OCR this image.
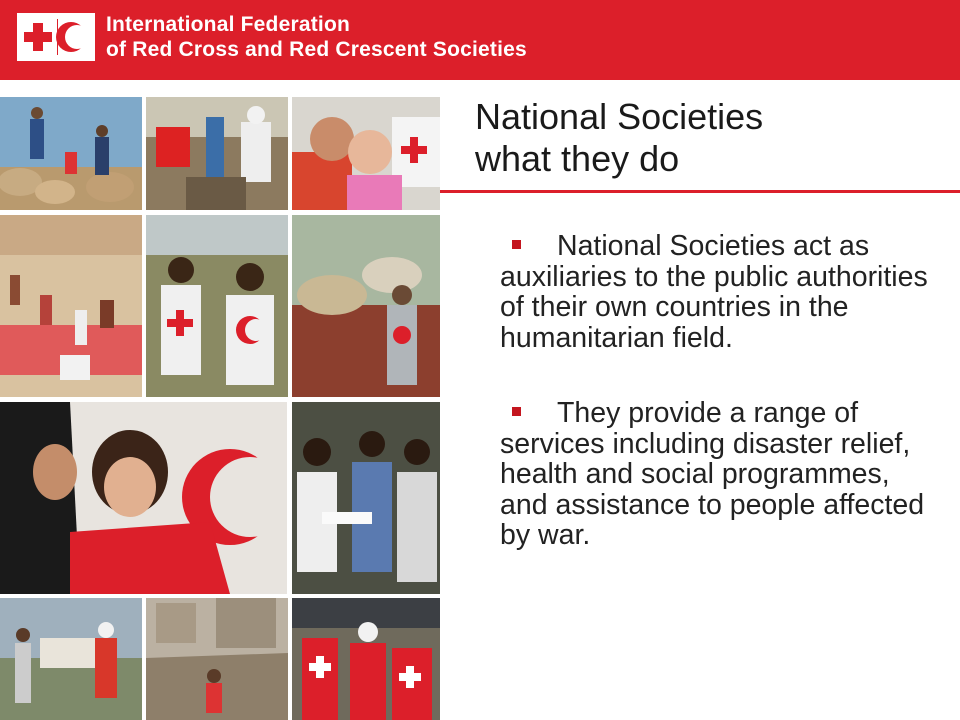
International Federation
of Red Cross and Red Crescent Societies
National Societies
what they do
National Societies act as auxiliaries to the public authorities of their own countries in the humanitarian field.
They provide a range of services including disaster relief, health and social programmes, and assistance to people affected by war.
